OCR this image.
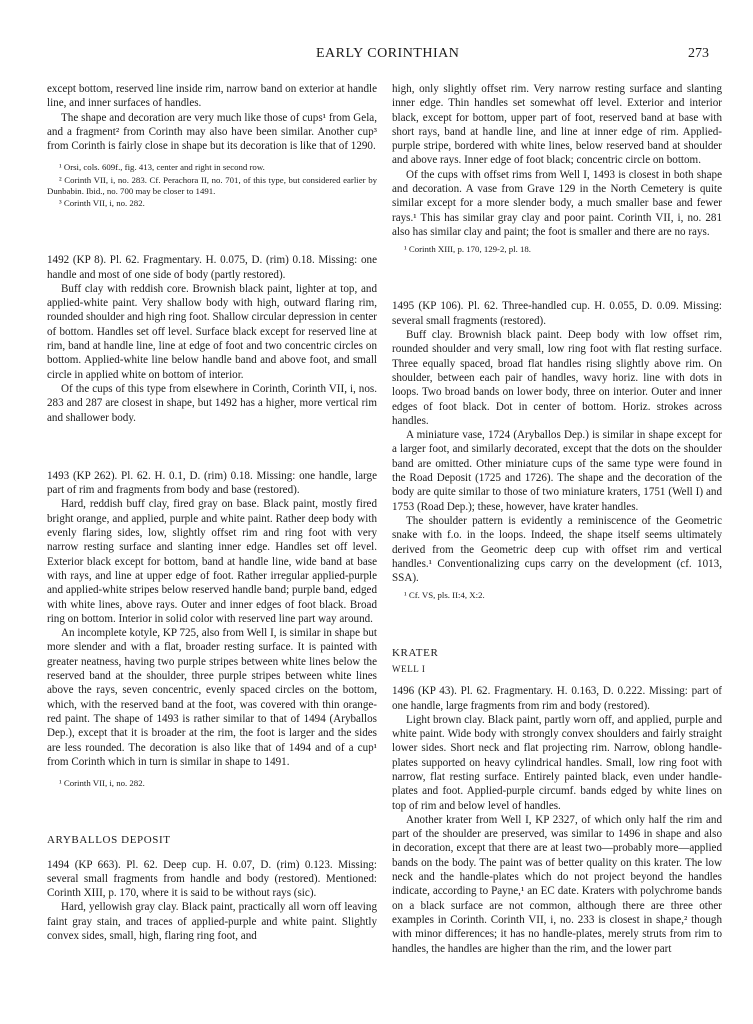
EARLY CORINTHIAN	273

except bottom, reserved line inside rim, narrow band on exterior at handle line, and inner surfaces of handles.

The shape and decoration are very much like those of cups¹ from Gela, and a fragment² from Corinth may also have been similar. Another cup³ from Corinth is fairly close in shape but its decoration is like that of 1290.

¹ Orsi, cols. 609f., fig. 413, center and right in second row.

² Corinth VII, i, no. 283. Cf. Perachora II, no. 701, of this type, but considered earlier by Dunbabin. Ibid., no. 700 may be closer to 1491.

³ Corinth VII, i, no. 282.

1492 (KP 8). Pl. 62. Fragmentary. H. 0.075, D. (rim) 0.18. Missing: one handle and most of one side of body (partly restored).

Buff clay with reddish core. Brownish black paint, lighter at top, and applied-white paint. Very shallow body with high, outward flaring rim, rounded shoulder and high ring foot. Shallow circular depression in center of bottom. Handles set off level. Surface black except for reserved line at rim, band at handle line, line at edge of foot and two concentric circles on bottom. Applied-white line below handle band and above foot, and small circle in applied white on bottom of interior.

Of the cups of this type from elsewhere in Corinth, Corinth VII, i, nos. 283 and 287 are closest in shape, but 1492 has a higher, more vertical rim and shallower body.

1493 (KP 262). Pl. 62. H. 0.1, D. (rim) 0.18. Missing: one handle, large part of rim and fragments from body and base (restored).

Hard, reddish buff clay, fired gray on base. Black paint, mostly fired bright orange, and applied, purple and white paint. Rather deep body with evenly flaring sides, low, slightly offset rim and ring foot with very narrow resting surface and slanting inner edge. Handles set off level. Exterior black except for bottom, band at handle line, wide band at base with rays, and line at upper edge of foot. Rather irregular applied-purple and applied-white stripes below reserved handle band; purple band, edged with white lines, above rays. Outer and inner edges of foot black. Broad ring on bottom. Interior in solid color with reserved line part way around.

An incomplete kotyle, KP 725, also from Well I, is similar in shape but more slender and with a flat, broader resting surface. It is painted with greater neatness, having two purple stripes between white lines below the reserved band at the shoulder, three purple stripes between white lines above the rays, seven concentric, evenly spaced circles on the bottom, which, with the reserved band at the foot, was covered with thin orange-red paint. The shape of 1493 is rather similar to that of 1494 (Aryballos Dep.), except that it is broader at the rim, the foot is larger and the sides are less rounded. The decoration is also like that of 1494 and of a cup¹ from Corinth which in turn is similar in shape to 1491.

¹ Corinth VII, i, no. 282.

ARYBALLOS DEPOSIT

1494 (KP 663). Pl. 62. Deep cup. H. 0.07, D. (rim) 0.123. Missing: several small fragments from handle and body (restored). Mentioned: Corinth XIII, p. 170, where it is said to be without rays (sic).

Hard, yellowish gray clay. Black paint, practically all worn off leaving faint gray stain, and traces of applied-purple and white paint. Slightly convex sides, small, high, flaring ring foot, and

high, only slightly offset rim. Very narrow resting surface and slanting inner edge. Thin handles set somewhat off level. Exterior and interior black, except for bottom, upper part of foot, reserved band at base with short rays, band at handle line, and line at inner edge of rim. Applied-purple stripe, bordered with white lines, below reserved band at shoulder and above rays. Inner edge of foot black; concentric circle on bottom.

Of the cups with offset rims from Well I, 1493 is closest in both shape and decoration. A vase from Grave 129 in the North Cemetery is quite similar except for a more slender body, a much smaller base and fewer rays.¹ This has similar gray clay and poor paint. Corinth VII, i, no. 281 also has similar clay and paint; the foot is smaller and there are no rays.

¹ Corinth XIII, p. 170, 129-2, pl. 18.

1495 (KP 106). Pl. 62. Three-handled cup. H. 0.055, D. 0.09. Missing: several small fragments (restored).

Buff clay. Brownish black paint. Deep body with low offset rim, rounded shoulder and very small, low ring foot with flat resting surface. Three equally spaced, broad flat handles rising slightly above rim. On shoulder, between each pair of handles, wavy horiz. line with dots in loops. Two broad bands on lower body, three on interior. Outer and inner edges of foot black. Dot in center of bottom. Horiz. strokes across handles.

A miniature vase, 1724 (Aryballos Dep.) is similar in shape except for a larger foot, and similarly decorated, except that the dots on the shoulder band are omitted. Other miniature cups of the same type were found in the Road Deposit (1725 and 1726). The shape and the decoration of the body are quite similar to those of two miniature kraters, 1751 (Well I) and 1753 (Road Dep.); these, however, have krater handles.

The shoulder pattern is evidently a reminiscence of the Geometric snake with f.o. in the loops. Indeed, the shape itself seems ultimately derived from the Geometric deep cup with offset rim and vertical handles.¹ Conventionalizing cups carry on the development (cf. 1013, SSA).

¹ Cf. VS, pls. II:4, X:2.

KRATER

WELL I

1496 (KP 43). Pl. 62. Fragmentary. H. 0.163, D. 0.222. Missing: part of one handle, large fragments from rim and body (restored).

Light brown clay. Black paint, partly worn off, and applied, purple and white paint. Wide body with strongly convex shoulders and fairly straight lower sides. Short neck and flat projecting rim. Narrow, oblong handle-plates supported on heavy cylindrical handles. Small, low ring foot with narrow, flat resting surface. Entirely painted black, even under handle-plates and foot. Applied-purple circumf. bands edged by white lines on top of rim and below level of handles.

Another krater from Well I, KP 2327, of which only half the rim and part of the shoulder are preserved, was similar to 1496 in shape and also in decoration, except that there are at least two—probably more—applied bands on the body. The paint was of better quality on this krater. The low neck and the handle-plates which do not project beyond the handles indicate, according to Payne,¹ an EC date. Kraters with polychrome bands on a black surface are not common, although there are three other examples in Corinth. Corinth VII, i, no. 233 is closest in shape,² though with minor differences; it has no handle-plates, merely struts from rim to handles, the handles are higher than the rim, and the lower part
